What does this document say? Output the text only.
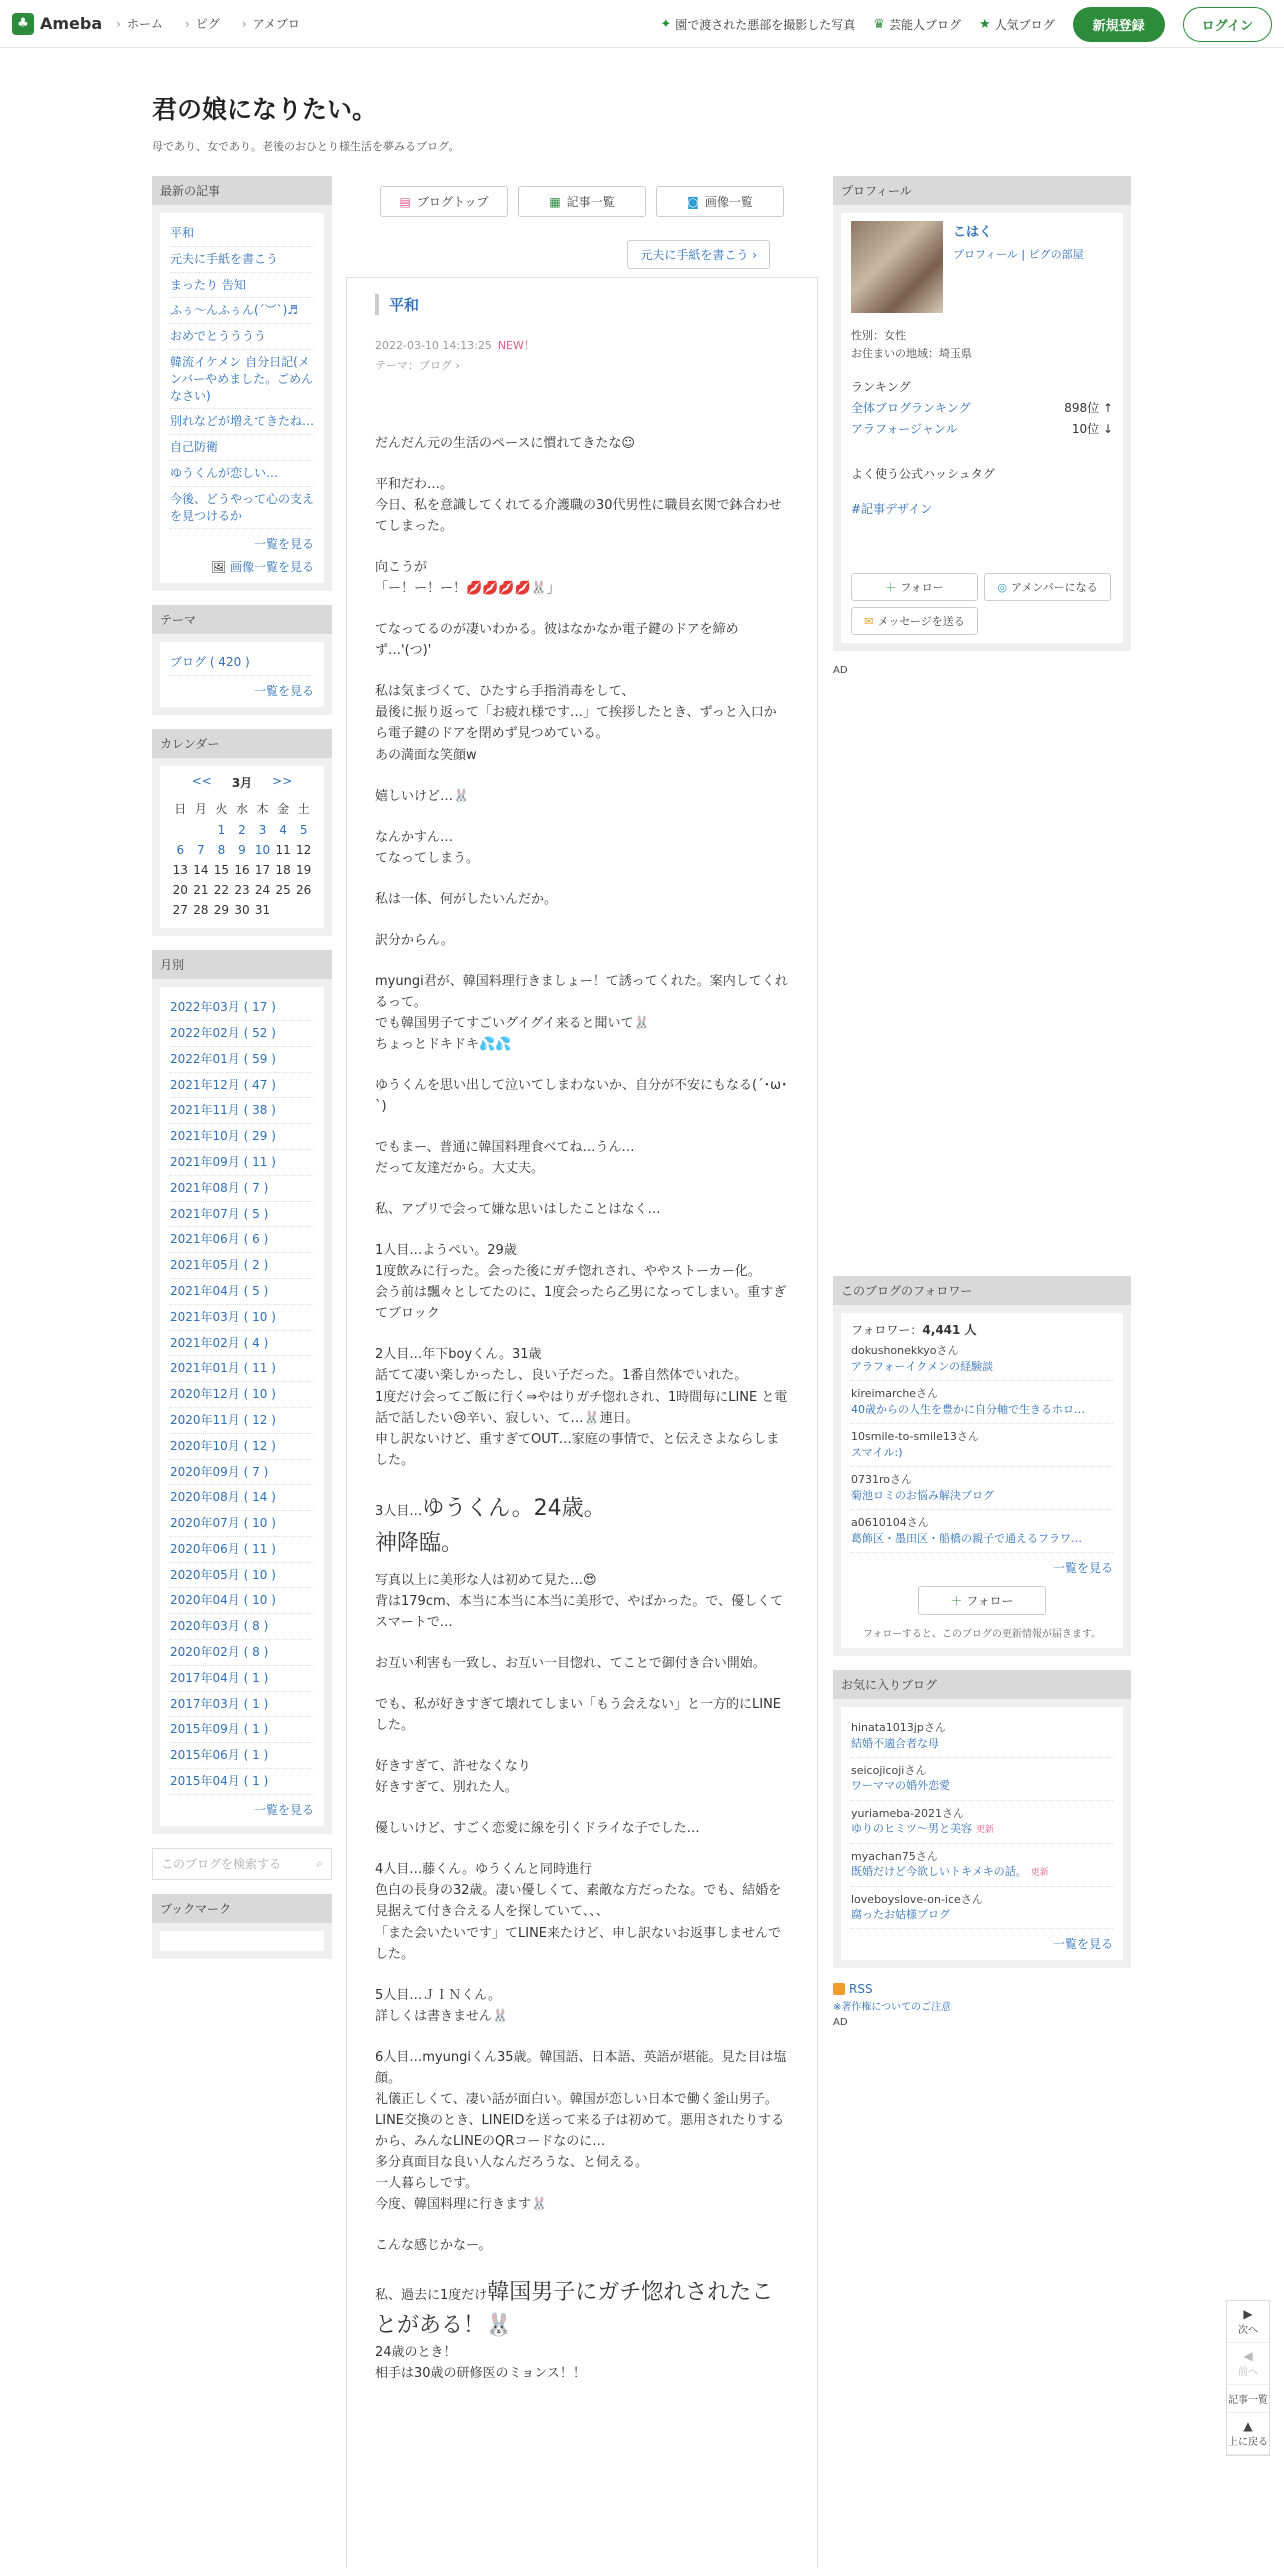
♣ Ameba	› ホーム	› ピグ	› アメブロ	✦ 園で渡された悪部を撮影した写真 ♛ 芸能人ブログ ★ 人気ブログ	新規登録	ログイン
君の娘になりたい。
母であり、女であり。老後のおひとり様生活を夢みるブログ。
最新の記事
平和
元夫に手紙を書こう
まったり 告知
ふぅ〜んふぅん(´︶`)♬
おめでとうううう
韓流イケメン 自分日記(メンバーやめました。ごめんなさい)
別れなどが増えてきたね…
自己防衛
ゆうくんが恋しい…
今後、どうやって心の支えを見つけるか
一覧を見る
🖼 画像一覧を見る
テーマ
ブログ ( 420 )
一覧を見る
カレンダー
<< 3月 >>
日	月	火	水	木	金	土
		1	2	3	4	5
6	7	8	9	10	11	12
13	14	15	16	17	18	19
20	21	22	23	24	25	26
27	28	29	30	31		
月別
2022年03月 ( 17 )
2022年02月 ( 52 )
2022年01月 ( 59 )
2021年12月 ( 47 )
2021年11月 ( 38 )
2021年10月 ( 29 )
2021年09月 ( 11 )
2021年08月 ( 7 )
2021年07月 ( 5 )
2021年06月 ( 6 )
2021年05月 ( 2 )
2021年04月 ( 5 )
2021年03月 ( 10 )
2021年02月 ( 4 )
2021年01月 ( 11 )
2020年12月 ( 10 )
2020年11月 ( 12 )
2020年10月 ( 12 )
2020年09月 ( 7 )
2020年08月 ( 14 )
2020年07月 ( 10 )
2020年06月 ( 11 )
2020年05月 ( 10 )
2020年04月 ( 10 )
2020年03月 ( 8 )
2020年02月 ( 8 )
2017年04月 ( 1 )
2017年03月 ( 1 )
2015年09月 ( 1 )
2015年06月 ( 1 )
2015年04月 ( 1 )
一覧を見る
このブログを検索する	⌕
ブックマーク
▤ ブログトップ	▦ 記事一覧	◙ 画像一覧
元夫に手紙を書こう ›
平和
2022-03-10 14:13:25 NEW！
テーマ：ブログ ›

だんだん元の生活のペースに慣れてきたな☺

平和だわ…。
今日、私を意識してくれてる介護職の30代男性に職員玄関で鉢合わせてしまった。

向こうが
「ー！ー！ー！💋💋💋💋🐰」

てなってるのが凄いわかる。彼はなかなか電子鍵のドアを締めず…'(つ)'

私は気まづくて、ひたすら手指消毒をして、
最後に振り返って「お疲れ様です…」て挨拶したとき、ずっと入口から電子鍵のドアを閉めず見つめている。
あの満面な笑顔w

嬉しいけど…🐰

なんかすん…
てなってしまう。

私は一体、何がしたいんだか。

訳分からん。

myungi君が、韓国料理行きましょー！て誘ってくれた。案内してくれるって。
でも韓国男子てすごいグイグイ来ると聞いて🐰
ちょっとドキドキ💦💦

ゆうくんを思い出して泣いてしまわないか、自分が不安にもなる(´･ω･`)

でもまー、普通に韓国料理食べてね…うん…
だって友達だから。大丈夫。

私、アプリで会って嫌な思いはしたことはなく…

1人目…ようぺい。29歳
1度飲みに行った。会った後にガチ惚れされ、ややストーカー化。
会う前は飄々としてたのに、1度会ったら乙男になってしまい。重すぎてブロック

2人目…年下boyくん。31歳
話てて凄い楽しかったし、良い子だった。1番自然体でいれた。
1度だけ会ってご飯に行く⇒やはりガチ惚れされ、1時間毎にLINE と電話で話したい😢辛い、寂しい、て…🐰連日。
申し訳ないけど、重すぎてOUT…家庭の事情で、と伝えさよならしました。

3人目…ゆうくん。24歳。
神降臨。

写真以上に美形な人は初めて見た…😍
背は179cm、本当に本当に本当に美形で、やばかった。で、優しくてスマートで…

お互い利害も一致し、お互い一目惚れ、てことで御付き合い開始。

でも、私が好きすぎて壊れてしまい「もう会えない」と一方的にLINEした。

好きすぎて、許せなくなり
好きすぎて、別れた人。

優しいけど、すごく恋愛に線を引くドライな子でした…

4人目…藤くん。ゆうくんと同時進行
色白の長身の32歳。凄い優しくて、素敵な方だったな。でも、結婚を見据えて付き合える人を探していて、、、
「また会いたいです」てLINE来たけど、申し訳ないお返事しませんでした。

5人目…ＪＩＮくん。
詳しくは書きません🐰

6人目…myungiくん35歳。韓国語、日本語、英語が堪能。見た目は塩顔。
礼儀正しくて、凄い話が面白い。韓国が恋しい日本で働く釜山男子。
LINE交換のとき、LINEIDを送って来る子は初めて。悪用されたりするから、みんなLINEのQRコードなのに…
多分真面目な良い人なんだろうな、と伺える。
一人暮らしです。
今度、韓国料理に行きます🐰

こんな感じかなー。

私、過去に1度だけ韓国男子にガチ惚れされたことがある！🐰

24歳のとき！
相手は30歳の研修医のミョンス！！

プロフィール
こはく
プロフィール | ピグの部屋
性別：女性
お住まいの地域：埼玉県
ランキング
全体ブログランキング	898位 ↑
アラフォージャンル	10位 ↓
よく使う公式ハッシュタグ
#記事デザイン
＋ フォロー	◎ アメンバーになる
✉ メッセージを送る
AD
このブログのフォロワー
フォロワー：4,441 人
dokushonekkyoさん
アラフォーイクメンの経験談
kireimarcheさん
40歳からの人生を豊かに自分軸で生きるホロ…
10smile-to-smile13さん
スマイル:)
0731roさん
菊池ロミのお悩み解決ブログ
a0610104さん
葛飾区・墨田区・船橋の親子で通えるフラワ…
一覧を見る
＋ フォロー
フォローすると、このブログの更新情報が届きます。
お気に入りブログ
hinata1013jpさん
結婚不適合者な母
seicojicojiさん
ワーママの婚外恋愛
yuriameba-2021さん
ゆりのヒミツ〜男と美容 更新
myachan75さん
既婚だけど今欲しいトキメキの話。 更新
loveboyslove-on-iceさん
腐ったお姑様ブログ
一覧を見る
RSS
※著作権についてのご注意
AD
▶
次へ
◀
前へ
記事一覧
▲
上に戻る
